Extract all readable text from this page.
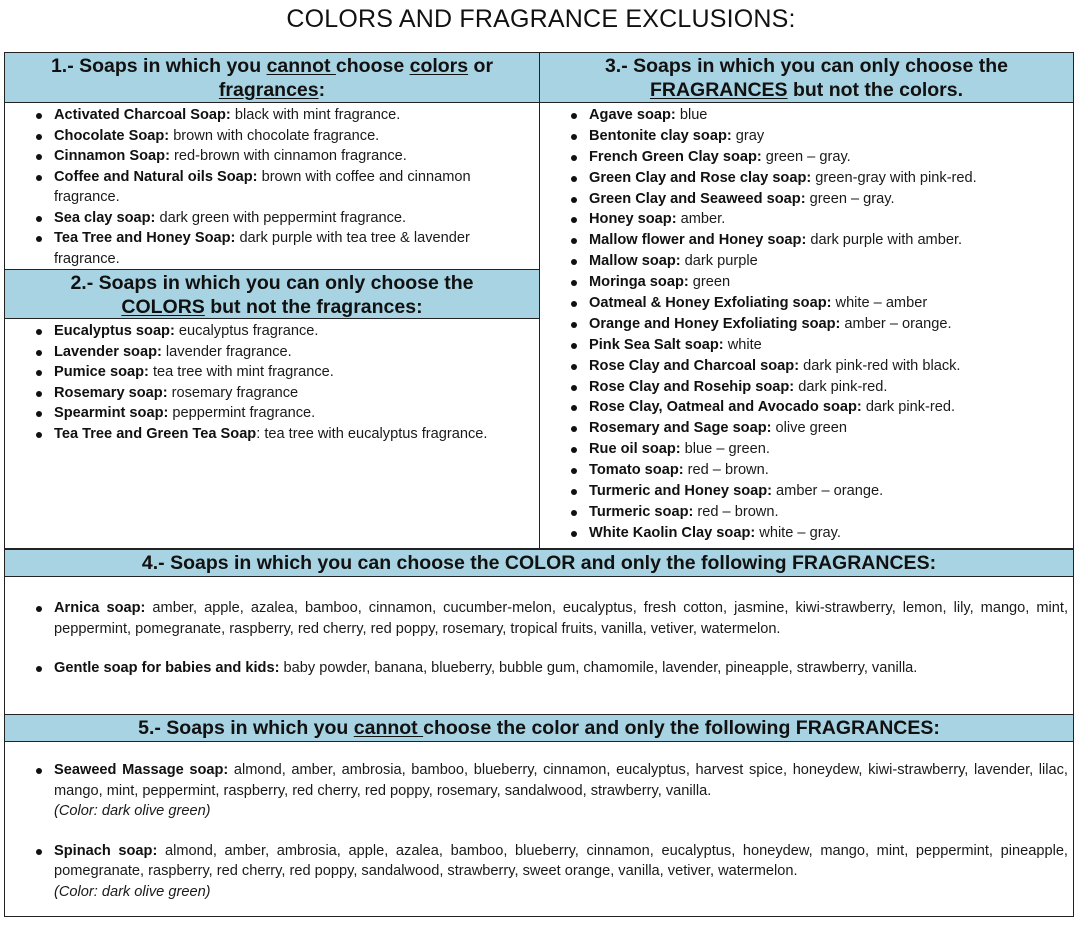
COLORS AND FRAGRANCE EXCLUSIONS:
1.- Soaps in which you cannot choose colors or
fragrances:
Activated Charcoal Soap: black with mint fragrance.
Chocolate Soap: brown with chocolate fragrance.
Cinnamon Soap: red-brown with cinnamon fragrance.
Coffee and Natural oils Soap: brown with coffee and cinnamon fragrance.
Sea clay soap: dark green with peppermint fragrance.
Tea Tree and Honey Soap: dark purple with tea tree & lavender fragrance.
2.- Soaps in which you can only choose the
COLORS but not the fragrances:
Eucalyptus soap: eucalyptus fragrance.
Lavender soap: lavender fragrance.
Pumice soap: tea tree with mint fragrance.
Rosemary soap: rosemary fragrance
Spearmint soap: peppermint fragrance.
Tea Tree and Green Tea Soap: tea tree with eucalyptus fragrance.
3.- Soaps in which you can only choose the
FRAGRANCES but not the colors.
Agave soap: blue
Bentonite clay soap: gray
French Green Clay soap: green – gray.
Green Clay and Rose clay soap: green-gray with pink-red.
Green Clay and Seaweed soap: green – gray.
Honey soap: amber.
Mallow flower and Honey soap: dark purple with amber.
Mallow soap: dark purple
Moringa soap: green
Oatmeal & Honey Exfoliating soap: white – amber
Orange and Honey Exfoliating soap: amber – orange.
Pink Sea Salt soap: white
Rose Clay and Charcoal soap: dark pink-red with black.
Rose Clay and Rosehip soap: dark pink-red.
Rose Clay, Oatmeal and Avocado soap: dark pink-red.
Rosemary and Sage soap: olive green
Rue oil soap: blue – green.
Tomato soap: red – brown.
Turmeric and Honey soap: amber – orange.
Turmeric soap: red – brown.
White Kaolin Clay soap: white – gray.
4.- Soaps in which you can choose the COLOR and only the following FRAGRANCES:
Arnica soap: amber, apple, azalea, bamboo, cinnamon, cucumber-melon, eucalyptus, fresh cotton, jasmine, kiwi-strawberry, lemon, lily, mango, mint, peppermint, pomegranate, raspberry, red cherry, red poppy, rosemary, tropical fruits, vanilla, vetiver, watermelon.
Gentle soap for babies and kids: baby powder, banana, blueberry, bubble gum, chamomile, lavender, pineapple, strawberry, vanilla.
5.- Soaps in which you cannot choose the color and only the following FRAGRANCES:
Seaweed Massage soap: almond, amber, ambrosia, bamboo, blueberry, cinnamon, eucalyptus, harvest spice, honeydew, kiwi-strawberry, lavender, lilac, mango, mint, peppermint, raspberry, red cherry, red poppy, rosemary, sandalwood, strawberry, vanilla.
(Color: dark olive green)
Spinach soap: almond, amber, ambrosia, apple, azalea, bamboo, blueberry, cinnamon, eucalyptus, honeydew, mango, mint, peppermint, pineapple, pomegranate, raspberry, red cherry, red poppy, sandalwood, strawberry, sweet orange, vanilla, vetiver, watermelon.
(Color: dark olive green)
